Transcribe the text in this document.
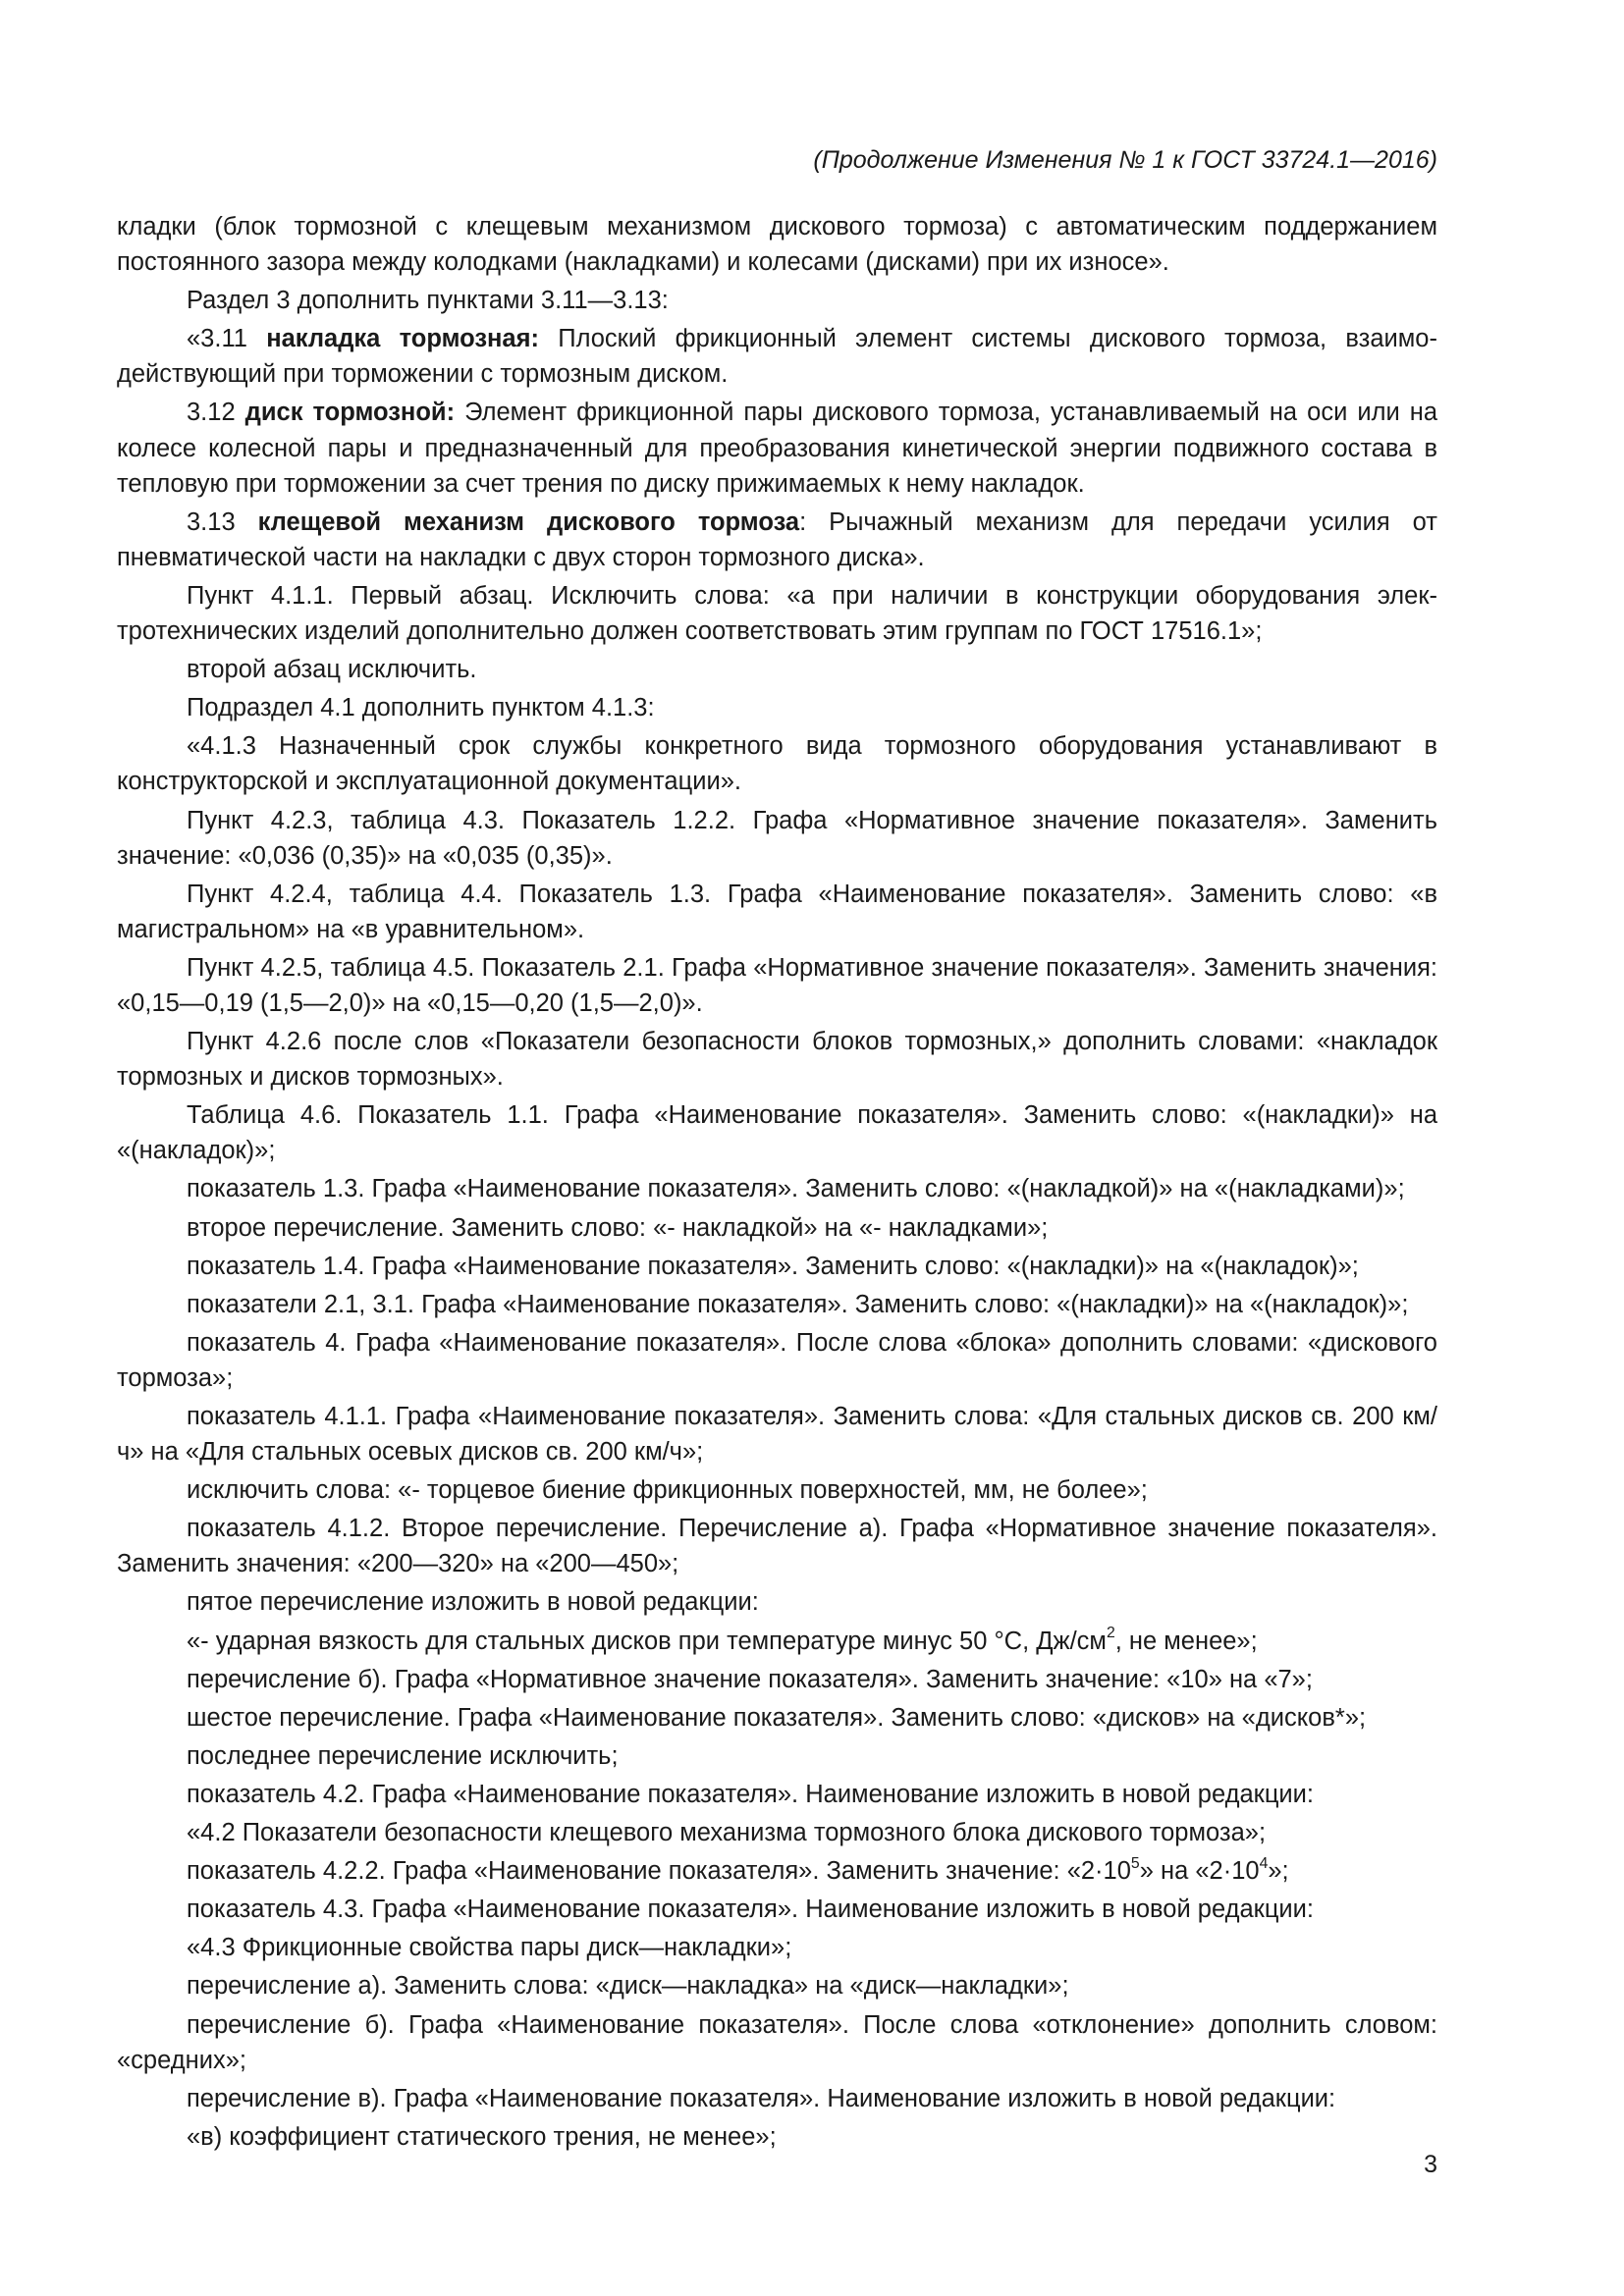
(Продолжение Изменения № 1 к ГОСТ 33724.1—2016)

кладки (блок тормозной с клещевым механизмом дискового тормоза) с автоматическим поддержанием постоянного зазора между колодками (накладками) и колесами (дисками) при их износе».

Раздел 3 дополнить пунктами 3.11—3.13:

«3.11 накладка тормозная: Плоский фрикционный элемент системы дискового тормоза, взаимодействующий при торможении с тормозным диском.

3.12 диск тормозной: Элемент фрикционной пары дискового тормоза, устанавливаемый на оси или на колесе колесной пары и предназначенный для преобразования кинетической энергии подвижного состава в тепловую при торможении за счет трения по диску прижимаемых к нему накладок.

3.13 клещевой механизм дискового тормоза: Рычажный механизм для передачи усилия от пневматической части на накладки с двух сторон тормозного диска».

Пункт 4.1.1. Первый абзац. Исключить слова: «а при наличии в конструкции оборудования электротехнических изделий дополнительно должен соответствовать этим группам по ГОСТ 17516.1»;

второй абзац исключить.

Подраздел 4.1 дополнить пунктом 4.1.3:

«4.1.3 Назначенный срок службы конкретного вида тормозного оборудования устанавливают в конструкторской и эксплуатационной документации».

Пункт 4.2.3, таблица 4.3. Показатель 1.2.2. Графа «Нормативное значение показателя». Заменить значение: «0,036 (0,35)» на «0,035 (0,35)».

Пункт 4.2.4, таблица 4.4. Показатель 1.3. Графа «Наименование показателя». Заменить слово: «в магистральном» на «в уравнительном».

Пункт 4.2.5, таблица 4.5. Показатель 2.1. Графа «Нормативное значение показателя». Заменить значения: «0,15—0,19 (1,5—2,0)» на «0,15—0,20 (1,5—2,0)».

Пункт 4.2.6 после слов «Показатели безопасности блоков тормозных,» дополнить словами: «накладок тормозных и дисков тормозных».

Таблица 4.6. Показатель 1.1. Графа «Наименование показателя». Заменить слово: «(накладки)» на «(накладок)»;

показатель 1.3. Графа «Наименование показателя». Заменить слово: «(накладкой)» на «(накладками)»;

второе перечисление. Заменить слово: «- накладкой» на «- накладками»;

показатель 1.4. Графа «Наименование показателя». Заменить слово: «(накладки)» на «(накладок)»;

показатели 2.1, 3.1. Графа «Наименование показателя». Заменить слово: «(накладки)» на «(накладок)»;

показатель 4. Графа «Наименование показателя». После слова «блока» дополнить словами: «дискового тормоза»;

показатель 4.1.1. Графа «Наименование показателя». Заменить слова: «Для стальных дисков св. 200 км/ч» на «Для стальных осевых дисков св. 200 км/ч»;

исключить слова: «- торцевое биение фрикционных поверхностей, мм, не более»;

показатель 4.1.2. Второе перечисление. Перечисление а). Графа «Нормативное значение показателя». Заменить значения: «200—320» на «200—450»;

пятое перечисление изложить в новой редакции:

«- ударная вязкость для стальных дисков при температуре минус 50 °С, $Дж/см^2$, не менее»;

перечисление б). Графа «Нормативное значение показателя». Заменить значение: «10» на «7»;

шестое перечисление. Графа «Наименование показателя». Заменить слово: «дисков» на «дисков*»;

последнее перечисление исключить;

показатель 4.2. Графа «Наименование показателя». Наименование изложить в новой редакции:

«4.2 Показатели безопасности клещевого механизма тормозного блока дискового тормоза»;

показатель 4.2.2. Графа «Наименование показателя». Заменить значение: «$2\cdot 10^5$» на «$2\cdot 10^4$»;

показатель 4.3. Графа «Наименование показателя». Наименование изложить в новой редакции:

«4.3 Фрикционные свойства пары диск—накладки»;

перечисление а). Заменить слова: «диск—накладка» на «диск—накладки»;

перечисление б). Графа «Наименование показателя». После слова «отклонение» дополнить словом: «средних»;

перечисление в). Графа «Наименование показателя». Наименование изложить в новой редакции:

«в) коэффициент статического трения, не менее»;

3
